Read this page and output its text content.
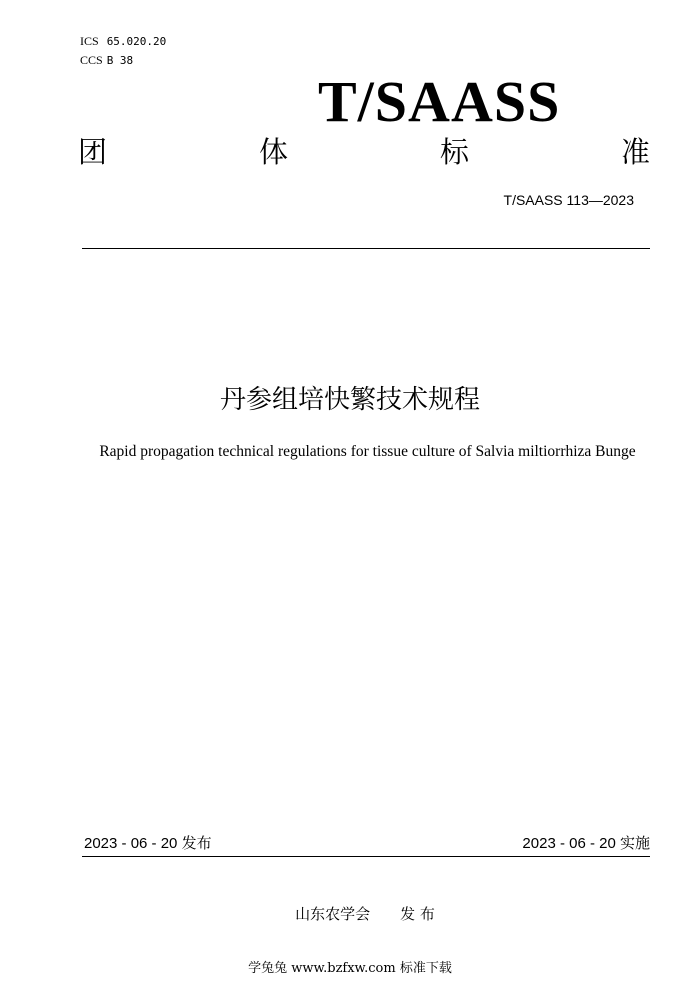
ICS 65.020.20
CCS B 38
T/SAASS
团	体	标	准
T/SAASS 113—2023
丹参组培快繁技术规程
Rapid propagation technical regulations for tissue culture of Salvia miltiorrhiza Bunge
2023 - 06 - 20 发布	2023 - 06 - 20 实施
山东农学会　　发 布
学兔兔 www.bzfxw.com 标准下载
